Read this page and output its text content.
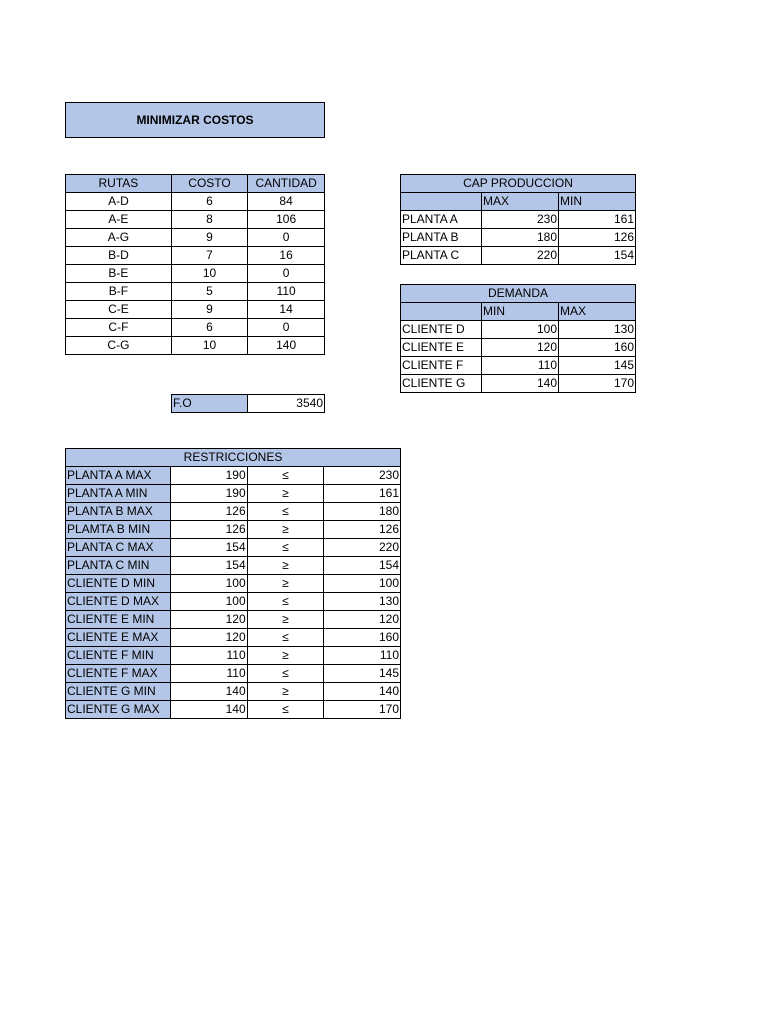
MINIMIZAR COSTOS
RUTAS	COSTO	CANTIDAD
A-D	6	84
A-E	8	106
A-G	9	0
B-D	7	16
B-E	10	0
B-F	5	110
C-E	9	14
C-F	6	0
C-G	10	140
F.O	3540
CAP PRODUCCION		
	MAX	MIN
PLANTA A	230	161
PLANTA B	180	126
PLANTA C	220	154
DEMANDA		
	MIN	MAX
CLIENTE D	100	130
CLIENTE E	120	160
CLIENTE F	110	145
CLIENTE G	140	170
RESTRICCIONES			
PLANTA A MAX	190	≤	230
PLANTA A MIN	190	≥	161
PLANTA B MAX	126	≤	180
PLAMTA B MIN	126	≥	126
PLANTA C MAX	154	≤	220
PLANTA C MIN	154	≥	154
CLIENTE D MIN	100	≥	100
CLIENTE D MAX	100	≤	130
CLIENTE E MIN	120	≥	120
CLIENTE E MAX	120	≤	160
CLIENTE F MIN	110	≥	110
CLIENTE F MAX	110	≤	145
CLIENTE G MIN	140	≥	140
CLIENTE G MAX	140	≤	170
